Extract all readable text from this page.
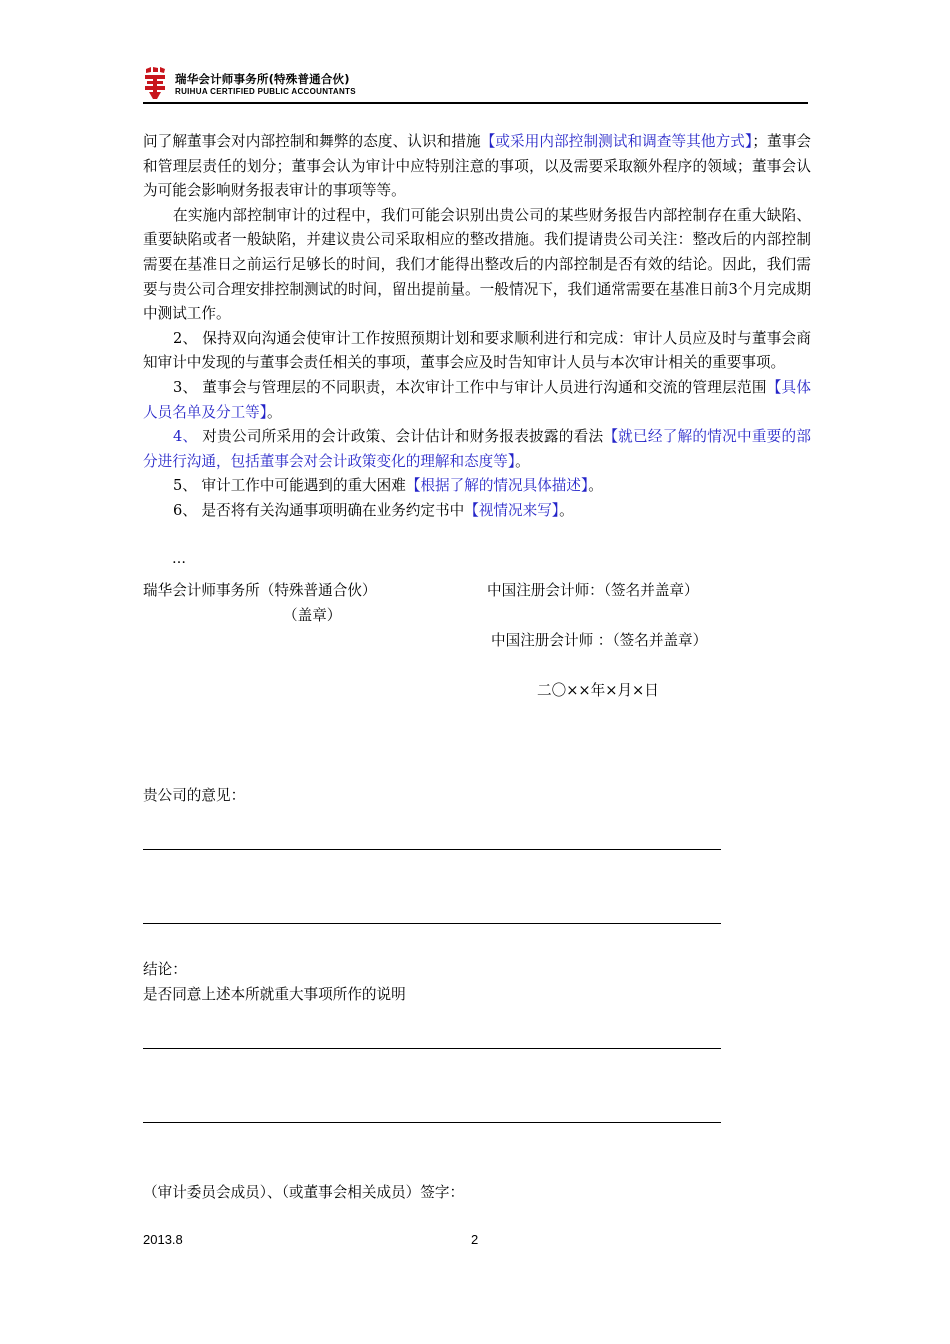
瑞华会计师事务所(特殊普通合伙)
RUIHUA CERTIFIED PUBLIC ACCOUNTANTS

问了解董事会对内部控制和舞弊的态度、认识和措施【或采用内部控制测试和调查等其他方式】；董事会和管理层责任的划分；董事会认为审计中应特别注意的事项，以及需要采取额外程序的领域；董事会认为可能会影响财务报表审计的事项等等。

在实施内部控制审计的过程中，我们可能会识别出贵公司的某些财务报告内部控制存在重大缺陷、重要缺陷或者一般缺陷，并建议贵公司采取相应的整改措施。我们提请贵公司关注：整改后的内部控制需要在基准日之前运行足够长的时间，我们才能得出整改后的内部控制是否有效的结论。因此，我们需要与贵公司合理安排控制测试的时间，留出提前量。一般情况下，我们通常需要在基准日前3个月完成期中测试工作。

2、 保持双向沟通会使审计工作按照预期计划和要求顺利进行和完成：审计人员应及时与董事会商知审计中发现的与董事会责任相关的事项，董事会应及时告知审计人员与本次审计相关的重要事项。

3、 董事会与管理层的不同职责，本次审计工作中与审计人员进行沟通和交流的管理层范围【具体人员名单及分工等】。

4、 对贵公司所采用的会计政策、会计估计和财务报表披露的看法【就已经了解的情况中重要的部分进行沟通，包括董事会对会计政策变化的理解和态度等】。

5、 审计工作中可能遇到的重大困难【根据了解的情况具体描述】。

6、 是否将有关沟通事项明确在业务约定书中【视情况来写】。

…
瑞华会计师事务所（特殊普通合伙）
（盖章）
中国注册会计师：（签名并盖章）
中国注册会计师 ：（签名并盖章）
二〇××年×月×日
贵公司的意见：
结论：
是否同意上述本所就重大事项所作的说明
（审计委员会成员）、（或董事会相关成员）签字：
2013.8	2
